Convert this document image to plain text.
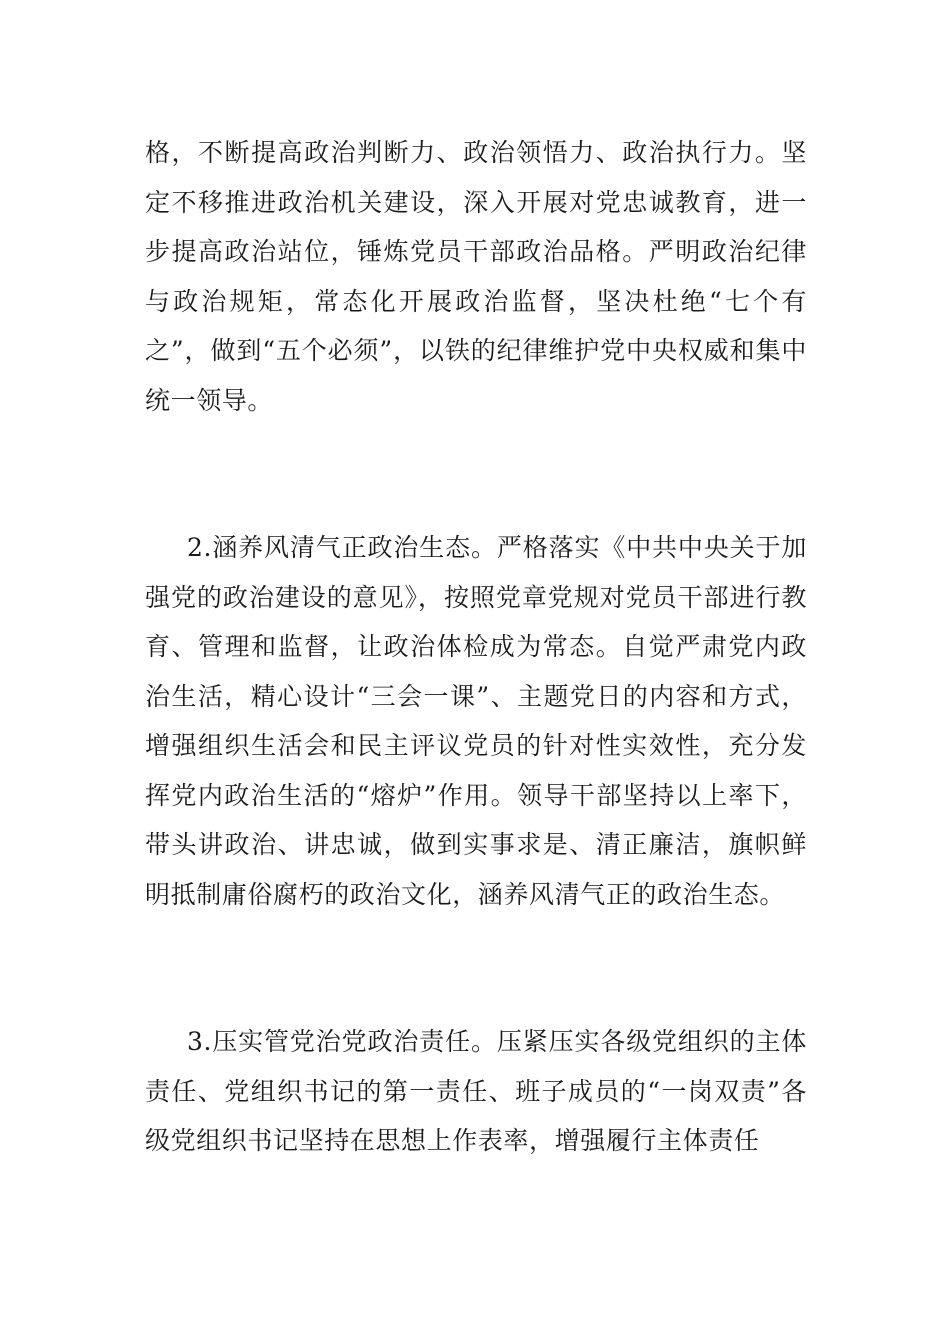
格，不断提高政治判断力、政治领悟力、政治执行力。坚定不移推进政治机关建设，深入开展对党忠诚教育，进一步提高政治站位，锤炼党员干部政治品格。严明政治纪律与政治规矩，常态化开展政治监督，坚决杜绝“七个有之”，做到“五个必须”，以铁的纪律维护党中央权威和集中统一领导。

2.涵养风清气正政治生态。严格落实《中共中央关于加强党的政治建设的意见》，按照党章党规对党员干部进行教育、管理和监督，让政治体检成为常态。自觉严肃党内政治生活，精心设计“三会一课”、主题党日的内容和方式，增强组织生活会和民主评议党员的针对性实效性，充分发挥党内政治生活的“熔炉”作用。领导干部坚持以上率下，带头讲政治、讲忠诚，做到实事求是、清正廉洁，旗帜鲜明抵制庸俗腐朽的政治文化，涵养风清气正的政治生态。

3.压实管党治党政治责任。压紧压实各级党组织的主体责任、党组织书记的第一责任、班子成员的“一岗双责”各级党组织书记坚持在思想上作表率，增强履行主体责任
